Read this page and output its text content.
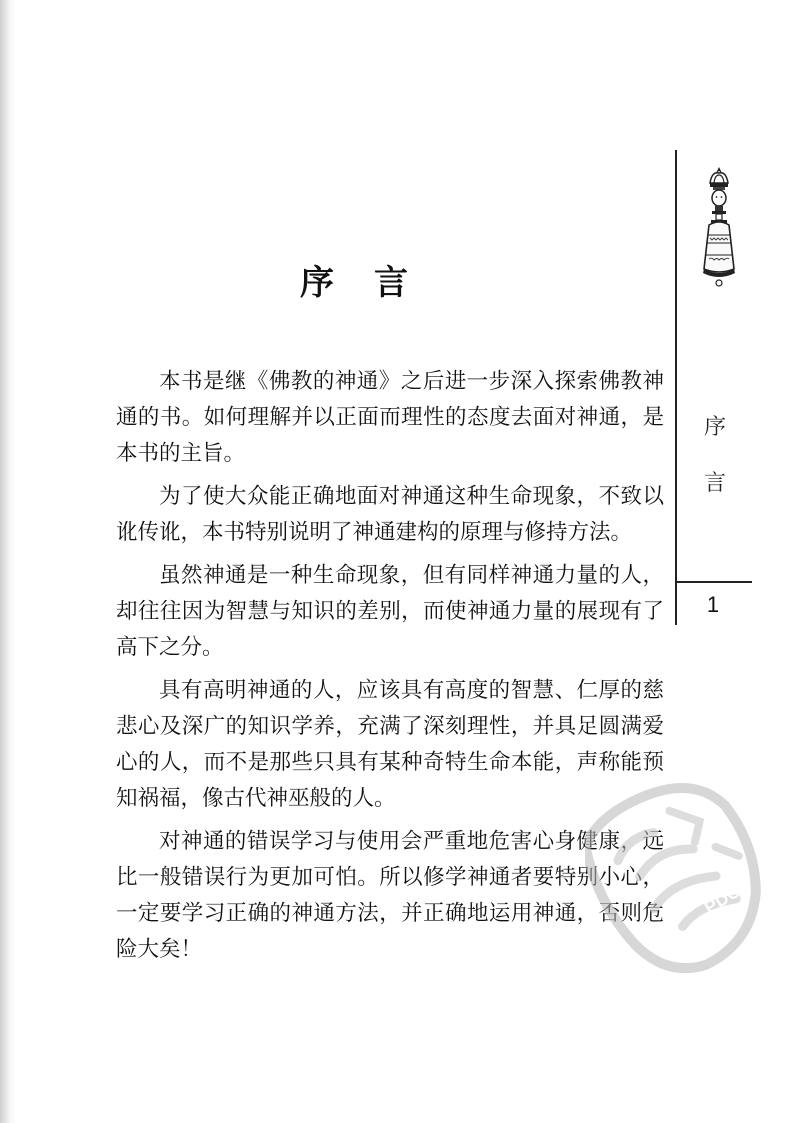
序言

本书是继《佛教的神通》之后进一步深入探索佛教神通的书。如何理解并以正面而理性的态度去面对神通，是本书的主旨。

为了使大众能正确地面对神通这种生命现象，不致以讹传讹，本书特别说明了神通建构的原理与修持方法。

虽然神通是一种生命现象，但有同样神通力量的人，却往往因为智慧与知识的差别，而使神通力量的展现有了高下之分。

具有高明神通的人，应该具有高度的智慧、仁厚的慈悲心及深广的知识学养，充满了深刻理性，并具足圆满爱心的人，而不是那些只具有某种奇特生命本能，声称能预知祸福，像古代神巫般的人。

对神通的错误学习与使用会严重地危害心身健康，远比一般错误行为更加可怕。所以修学神通者要特别小心，一定要学习正确的神通方法，并正确地运用神通，否则危险大矣！

序
言
1
PDG
